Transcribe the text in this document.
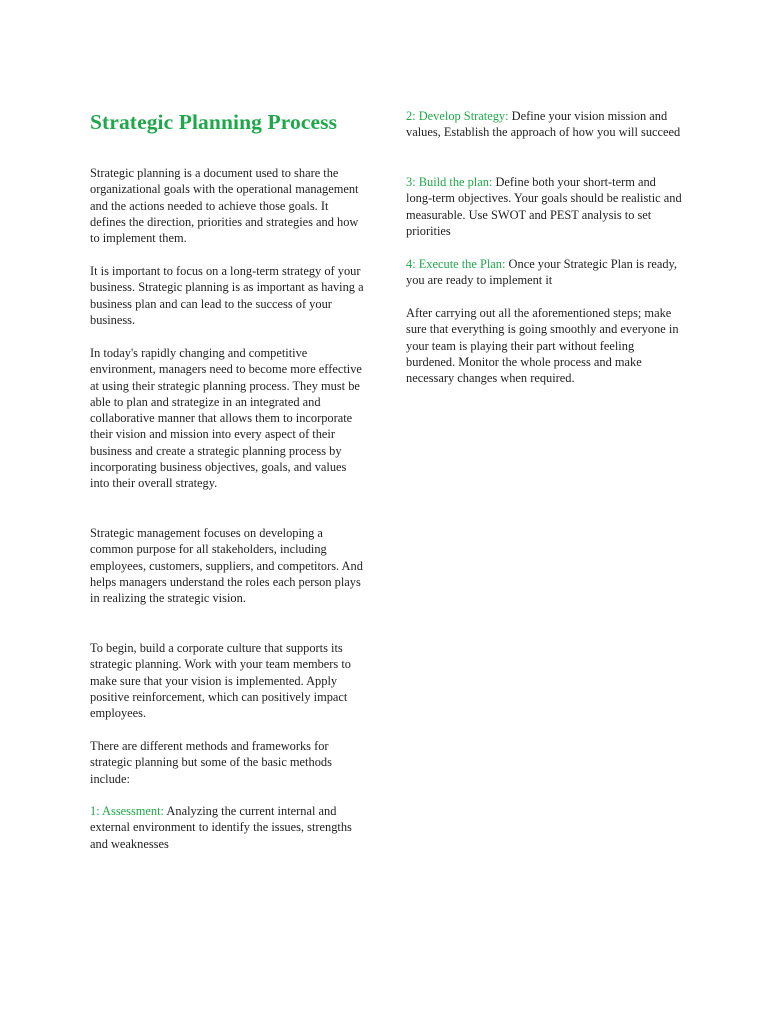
Strategic Planning Process

Strategic planning is a document used to share the organizational goals with the operational management and the actions needed to achieve those goals. It defines the direction, priorities and strategies and how to implement them.

It is important to focus on a long-term strategy of your business. Strategic planning is as important as having a business plan and can lead to the success of your business.

In today's rapidly changing and competitive environment, managers need to become more effective at using their strategic planning process. They must be able to plan and strategize in an integrated and collaborative manner that allows them to incorporate their vision and mission into every aspect of their business and create a strategic planning process by incorporating business objectives, goals, and values into their overall strategy.

Strategic management focuses on developing a common purpose for all stakeholders, including employees, customers, suppliers, and competitors. And helps managers understand the roles each person plays in realizing the strategic vision.

To begin, build a corporate culture that supports its strategic planning. Work with your team members to make sure that your vision is implemented. Apply positive reinforcement, which can positively impact employees.

There are different methods and frameworks for strategic planning but some of the basic methods include:

1: Assessment: Analyzing the current internal and external environment to identify the issues, strengths and weaknesses

2: Develop Strategy: Define your vision mission and values, Establish the approach of how you will succeed

3: Build the plan: Define both your short-term and long-term objectives. Your goals should be realistic and measurable. Use SWOT and PEST analysis to set priorities

4: Execute the Plan: Once your Strategic Plan is ready, you are ready to implement it

After carrying out all the aforementioned steps; make sure that everything is going smoothly and everyone in your team is playing their part without feeling burdened. Monitor the whole process and make necessary changes when required.
